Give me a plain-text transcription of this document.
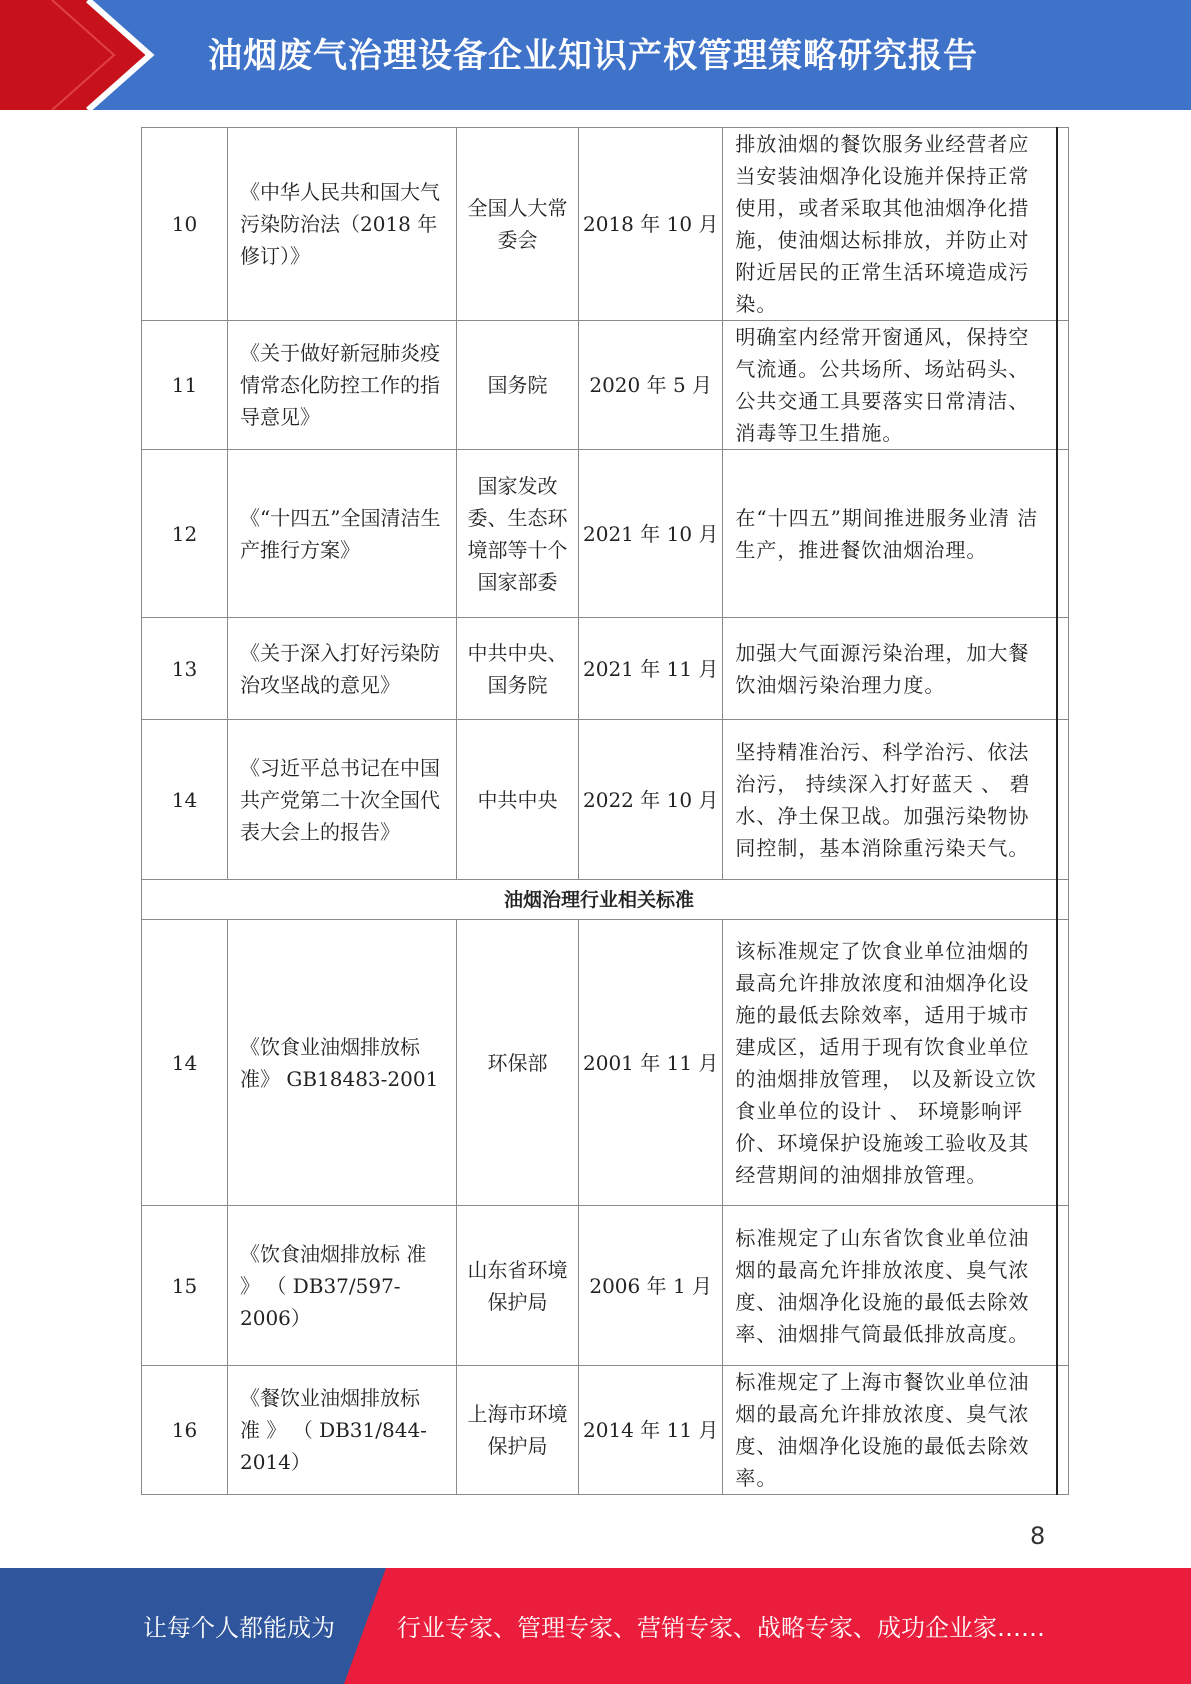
油烟废气治理设备企业知识产权管理策略研究报告
10	《中华人民共和国大气污染防治法（2018 年修订）》	全国人大常委会	2018 年 10 月	排放油烟的餐饮服务业经营者应 当安装油烟净化设施并保持正常 使用，或者采取其他油烟净化措 施，使油烟达标排放，并防止对 附近居民的正常生活环境造成污 染。	
11	《关于做好新冠肺炎疫情常态化防控工作的指导意见》	国务院	2020 年 5 月	明确室内经常开窗通风，保持空 气流通。公共场所、场站码头、 公共交通工具要落实日常清洁、 消毒等卫生措施。	
12	《“十四五”全国清洁生产推行方案》	国家发改委、生态环境部等十个国家部委	2021 年 10 月	在“十四五”期间推进服务业清 洁生产，推进餐饮油烟治理。	
13	《关于深入打好污染防治攻坚战的意见》	中共中央、国务院	2021 年 11 月	加强大气面源污染治理，加大餐 饮油烟污染治理力度。	
14	《习近平总书记在中国共产党第二十次全国代表大会上的报告》	中共中央	2022 年 10 月	坚持精准治污、科学治污、依法 治污， 持续深入打好蓝天 、 碧 水、净土保卫战。加强污染物协 同控制，基本消除重污染天气。	
油烟治理行业相关标准					
14	《饮食业油烟排放标 准》 GB18483-2001	环保部	2001 年 11 月	该标准规定了饮食业单位油烟的 最高允许排放浓度和油烟净化设 施的最低去除效率，适用于城市 建成区，适用于现有饮食业单位 的油烟排放管理， 以及新设立饮 食业单位的设计 、 环境影响评 价、环境保护设施竣工验收及其经营期间的油烟排放管理。	
15	《饮食油烟排放标 准 》 （ DB37/597- 2006）	山东省环境保护局	2006 年 1 月	标准规定了山东省饮食业单位油 烟的最高允许排放浓度、臭气浓 度、油烟净化设施的最低去除效 率、油烟排气筒最低排放高度。	
16	《餐饮业油烟排放标 准 》 （ DB31/844- 2014）	上海市环境保护局	2014 年 11 月	标准规定了上海市餐饮业单位油 烟的最高允许排放浓度、臭气浓 度、油烟净化设施的最低去除效 率。	
8
让每个人都能成为	行业专家、管理专家、营销专家、战略专家、成功企业家……
